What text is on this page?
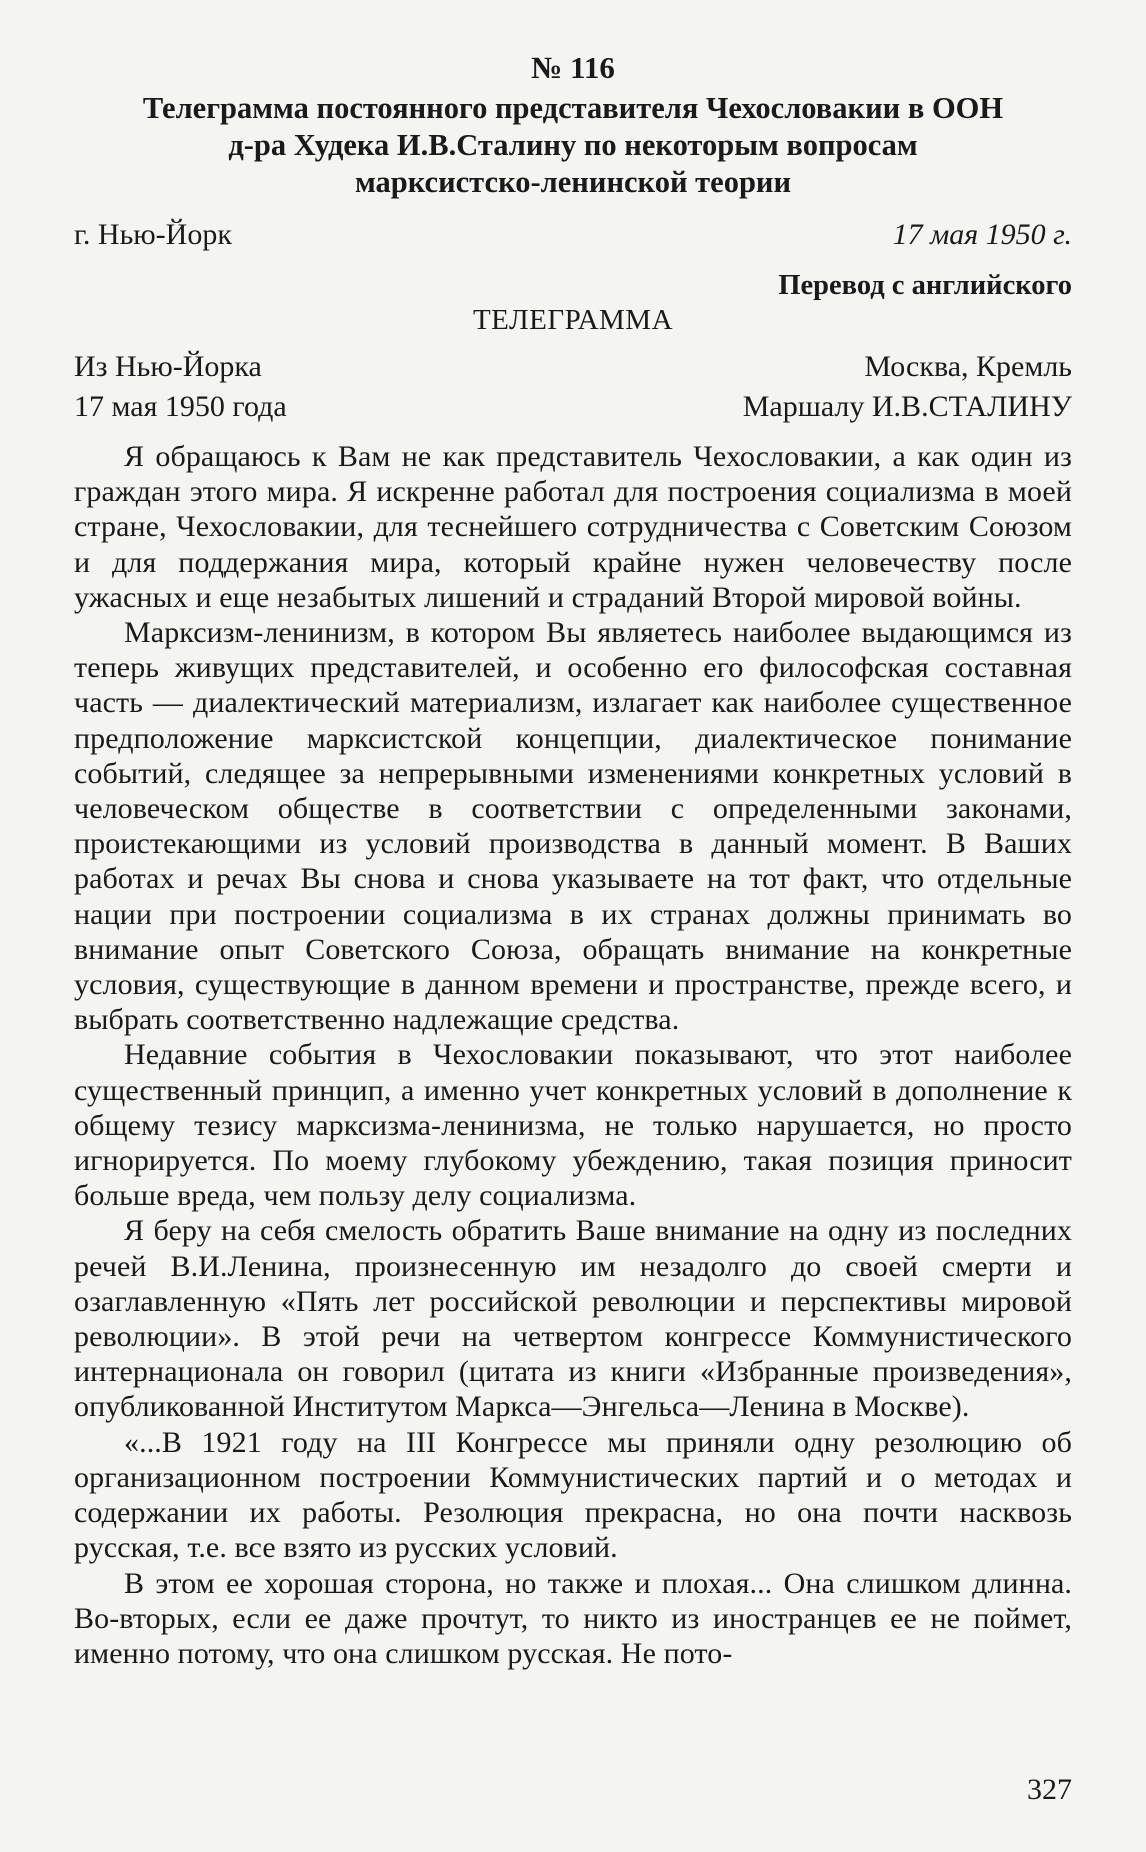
№ 116
Телеграмма постоянного представителя Чехословакии в ООН
д-ра Худека И.В.Сталину по некоторым вопросам
марксистско-ленинской теории
г. Нью-Йорк	17 мая 1950 г.
Перевод с английского
ТЕЛЕГРАММА
Из Нью-Йорка	Москва, Кремль
17 мая 1950 года	Маршалу И.В.СТАЛИНУ

Я обращаюсь к Вам не как представитель Чехословакии, а как один из граждан этого мира. Я искренне работал для построения социализма в моей стране, Чехословакии, для теснейшего сотрудничества с Советским Союзом и для поддержания мира, который крайне нужен человечеству после ужасных и еще незабытых лишений и страданий Второй мировой войны.

Марксизм-ленинизм, в котором Вы являетесь наиболее выдающимся из теперь живущих представителей, и особенно его философская составная часть — диалектический материализм, излагает как наиболее существенное предположение марксистской концепции, диалектическое понимание событий, следящее за непрерывными изменениями конкретных условий в человеческом обществе в соответствии с определенными законами, проистекающими из условий производства в данный момент. В Ваших работах и речах Вы снова и снова указываете на тот факт, что отдельные нации при построении социализма в их странах должны принимать во внимание опыт Советского Союза, обращать внимание на конкретные условия, существующие в данном времени и пространстве, прежде всего, и выбрать соответственно надлежащие средства.

Недавние события в Чехословакии показывают, что этот наиболее существенный принцип, а именно учет конкретных условий в дополнение к общему тезису марксизма-ленинизма, не только нарушается, но просто игнорируется. По моему глубокому убеждению, такая позиция приносит больше вреда, чем пользу делу социализма.

Я беру на себя смелость обратить Ваше внимание на одну из последних речей В.И.Ленина, произнесенную им незадолго до своей смерти и озаглавленную «Пять лет российской революции и перспективы мировой революции». В этой речи на четвертом конгрессе Коммунистического интернационала он говорил (цитата из книги «Избранные произведения», опубликованной Институтом Маркса—Энгельса—Ленина в Москве).

«...В 1921 году на III Конгрессе мы приняли одну резолюцию об организационном построении Коммунистических партий и о методах и содержании их работы. Резолюция прекрасна, но она почти насквозь русская, т.е. все взято из русских условий.

В этом ее хорошая сторона, но также и плохая... Она слишком длинна. Во-вторых, если ее даже прочтут, то никто из иностранцев ее не поймет, именно потому, что она слишком русская. Не пото-

327
